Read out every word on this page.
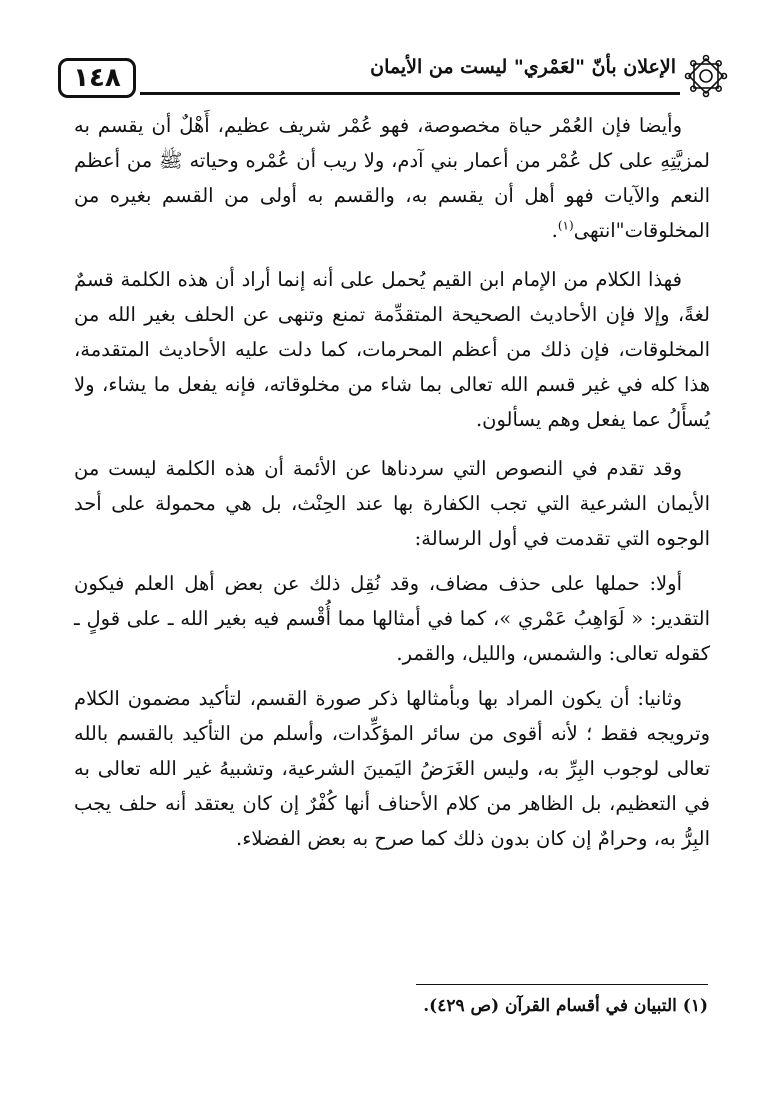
١٤٨	الإعلان بأنّ "لعَمْري" ليست من الأيمان

وأيضا فإن العُمْر حياة مخصوصة، فهو عُمْر شريف عظيم، أَهْلٌ أن يقسم به لمزيَّتِهِ على كل عُمْر من أعمار بني آدم، ولا ريب أن عُمْره وحياته ﷺ من أعظم النعم والآيات فهو أهل أن يقسم به، والقسم به أولى من القسم بغيره من المخلوقات"انتهى$^{(١)}$.

فهذا الكلام من الإمام ابن القيم يُحمل على أنه إنما أراد أن هذه الكلمة قسمٌ لغةً، وإلا فإن الأحاديث الصحيحة المتقدِّمة تمنع وتنهى عن الحلف بغير الله من المخلوقات، فإن ذلك من أعظم المحرمات، كما دلت عليه الأحاديث المتقدمة، هذا كله في غير قسم الله تعالى بما شاء من مخلوقاته، فإنه يفعل ما يشاء، ولا يُسأَلُ عما يفعل وهم يسألون.

وقد تقدم في النصوص التي سردناها عن الأئمة أن هذه الكلمة ليست من الأيمان الشرعية التي تجب الكفارة بها عند الحِنْث، بل هي محمولة على أحد الوجوه التي تقدمت في أول الرسالة:

أولا: حملها على حذف مضاف، وقد نُقِل ذلك عن بعض أهل العلم فيكون التقدير: « لَوَاهِبُ عَمْري »، كما في أمثالها مما أُقْسم فيه بغير الله ـ على قولٍ ـ كقوله تعالى: والشمس، والليل، والقمر.

وثانيا: أن يكون المراد بها وبأمثالها ذكر صورة القسم، لتأكيد مضمون الكلام وترويجه فقط ؛ لأنه أقوى من سائر المؤكِّدات، وأسلم من التأكيد بالقسم بالله تعالى لوجوب البِرِّ به، وليس الغَرَضُ اليَمينَ الشرعية، وتشبيهُ غير الله تعالى به في التعظيم، بل الظاهر من كلام الأحناف أنها كُفْرٌ إن كان يعتقد أنه حلف يجب البِرُّ به، وحرامٌ إن كان بدون ذلك كما صرح به بعض الفضلاء.

(١) التبيان في أقسام القرآن (ص ٤٢٩).
